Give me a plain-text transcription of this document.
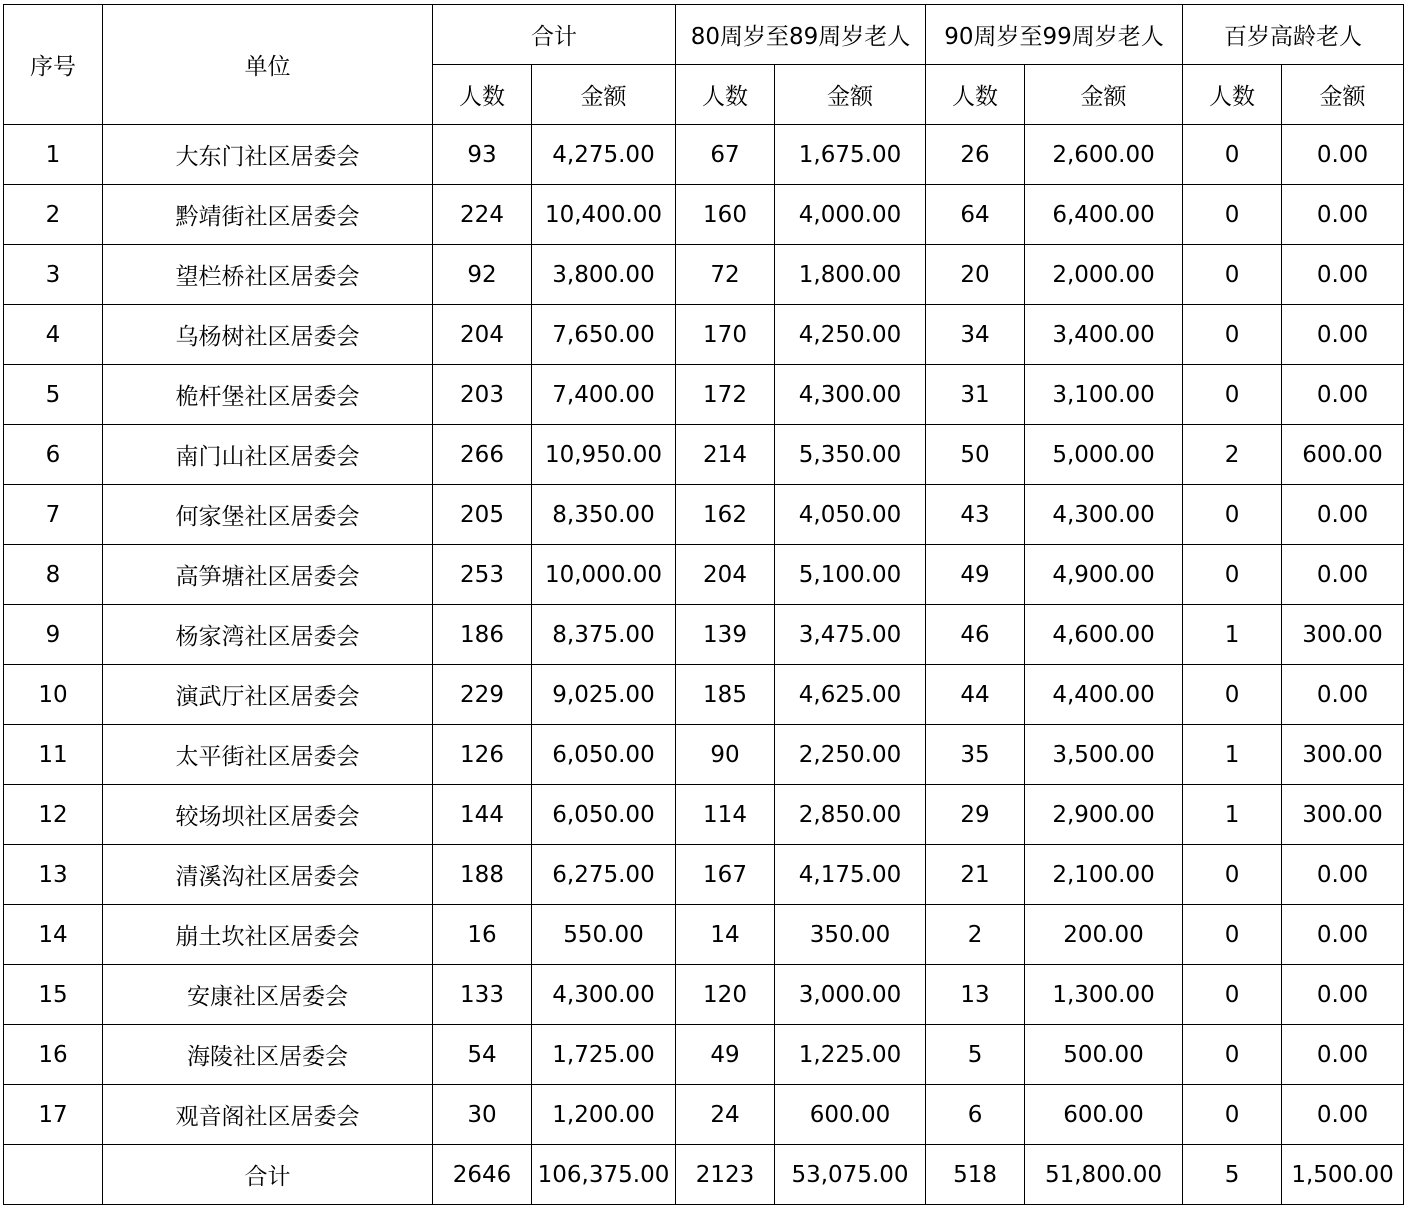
序号	单位	合计		80周岁至89周岁老人		90周岁至99周岁老人		百岁高龄老人	
		人数	金额	人数	金额	人数	金额	人数	金额
1	大东门社区居委会	93	4,275.00	67	1,675.00	26	2,600.00	0	0.00
2	黔靖街社区居委会	224	10,400.00	160	4,000.00	64	6,400.00	0	0.00
3	望栏桥社区居委会	92	3,800.00	72	1,800.00	20	2,000.00	0	0.00
4	乌杨树社区居委会	204	7,650.00	170	4,250.00	34	3,400.00	0	0.00
5	桅杆堡社区居委会	203	7,400.00	172	4,300.00	31	3,100.00	0	0.00
6	南门山社区居委会	266	10,950.00	214	5,350.00	50	5,000.00	2	600.00
7	何家堡社区居委会	205	8,350.00	162	4,050.00	43	4,300.00	0	0.00
8	高笋塘社区居委会	253	10,000.00	204	5,100.00	49	4,900.00	0	0.00
9	杨家湾社区居委会	186	8,375.00	139	3,475.00	46	4,600.00	1	300.00
10	演武厅社区居委会	229	9,025.00	185	4,625.00	44	4,400.00	0	0.00
11	太平街社区居委会	126	6,050.00	90	2,250.00	35	3,500.00	1	300.00
12	较场坝社区居委会	144	6,050.00	114	2,850.00	29	2,900.00	1	300.00
13	清溪沟社区居委会	188	6,275.00	167	4,175.00	21	2,100.00	0	0.00
14	崩土坎社区居委会	16	550.00	14	350.00	2	200.00	0	0.00
15	安康社区居委会	133	4,300.00	120	3,000.00	13	1,300.00	0	0.00
16	海陵社区居委会	54	1,725.00	49	1,225.00	5	500.00	0	0.00
17	观音阁社区居委会	30	1,200.00	24	600.00	6	600.00	0	0.00
	合计	2646	106,375.00	2123	53,075.00	518	51,800.00	5	1,500.00
